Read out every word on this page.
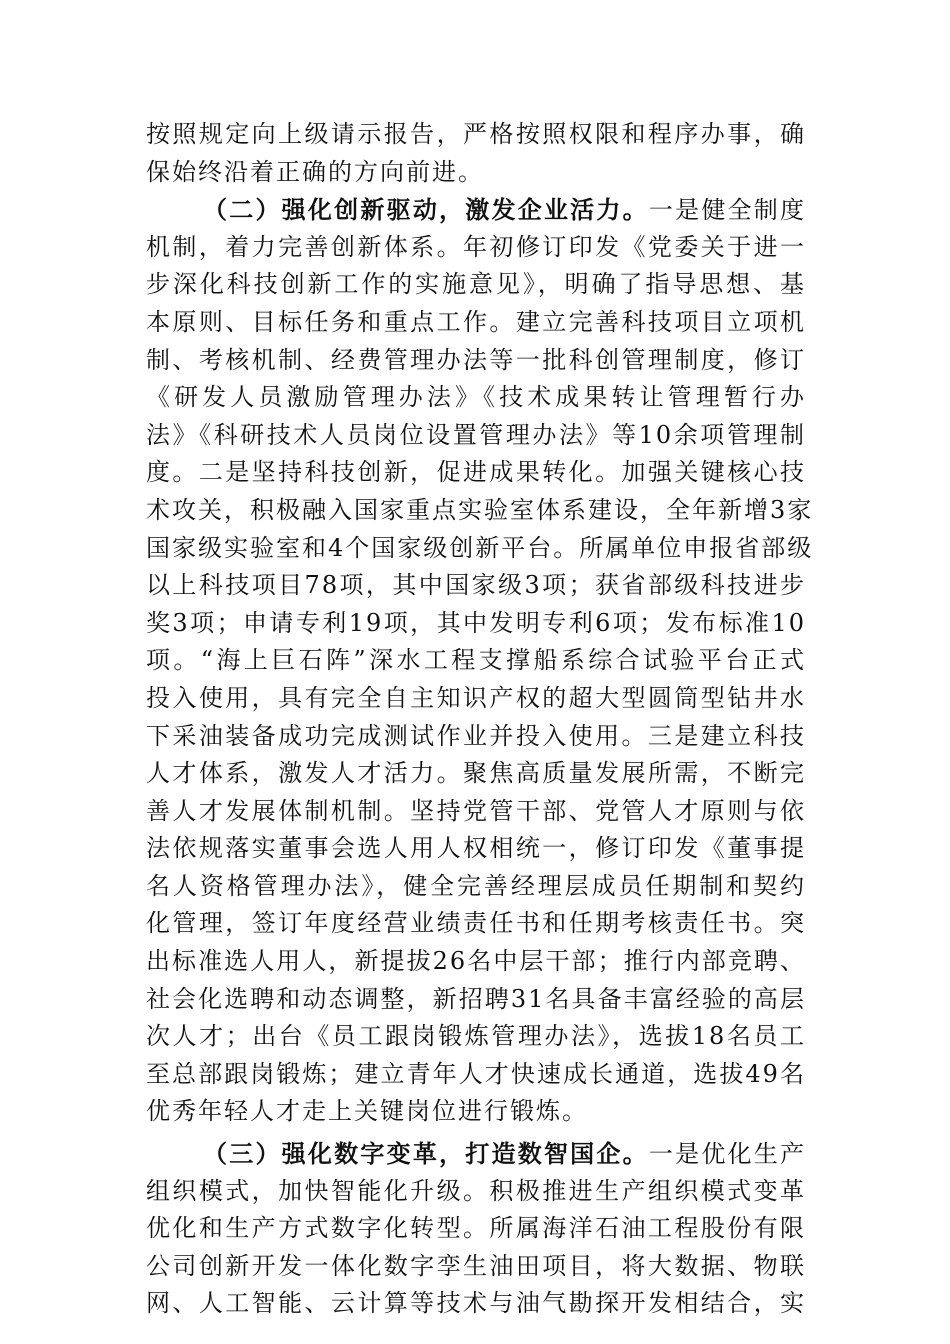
按照规定向上级请示报告，严格按照权限和程序办事，确
保始终沿着正确的方向前进。
（二）强化创新驱动，激发企业活力。一是健全制度
机制，着力完善创新体系。年初修订印发《党委关于进一
步深化科技创新工作的实施意见》，明确了指导思想、基
本原则、目标任务和重点工作。建立完善科技项目立项机
制、考核机制、经费管理办法等一批科创管理制度，修订
《研发人员激励管理办法》《技术成果转让管理暂行办
法》《科研技术人员岗位设置管理办法》等10余项管理制
度。二是坚持科技创新，促进成果转化。加强关键核心技
术攻关，积极融入国家重点实验室体系建设，全年新增3家
国家级实验室和4个国家级创新平台。所属单位申报省部级
以上科技项目78项，其中国家级3项；获省部级科技进步
奖3项；申请专利19项，其中发明专利6项；发布标准10
项。“海上巨石阵”深水工程支撑船系综合试验平台正式
投入使用，具有完全自主知识产权的超大型圆筒型钻井水
下采油装备成功完成测试作业并投入使用。三是建立科技
人才体系，激发人才活力。聚焦高质量发展所需，不断完
善人才发展体制机制。坚持党管干部、党管人才原则与依
法依规落实董事会选人用人权相统一，修订印发《董事提
名人资格管理办法》，健全完善经理层成员任期制和契约
化管理，签订年度经营业绩责任书和任期考核责任书。突
出标准选人用人，新提拔26名中层干部；推行内部竞聘、
社会化选聘和动态调整，新招聘31名具备丰富经验的高层
次人才；出台《员工跟岗锻炼管理办法》，选拔18名员工
至总部跟岗锻炼；建立青年人才快速成长通道，选拔49名
优秀年轻人才走上关键岗位进行锻炼。
（三）强化数字变革，打造数智国企。一是优化生产
组织模式，加快智能化升级。积极推进生产组织模式变革
优化和生产方式数字化转型。所属海洋石油工程股份有限
公司创新开发一体化数字孪生油田项目，将大数据、物联
网、人工智能、云计算等技术与油气勘探开发相结合，实
